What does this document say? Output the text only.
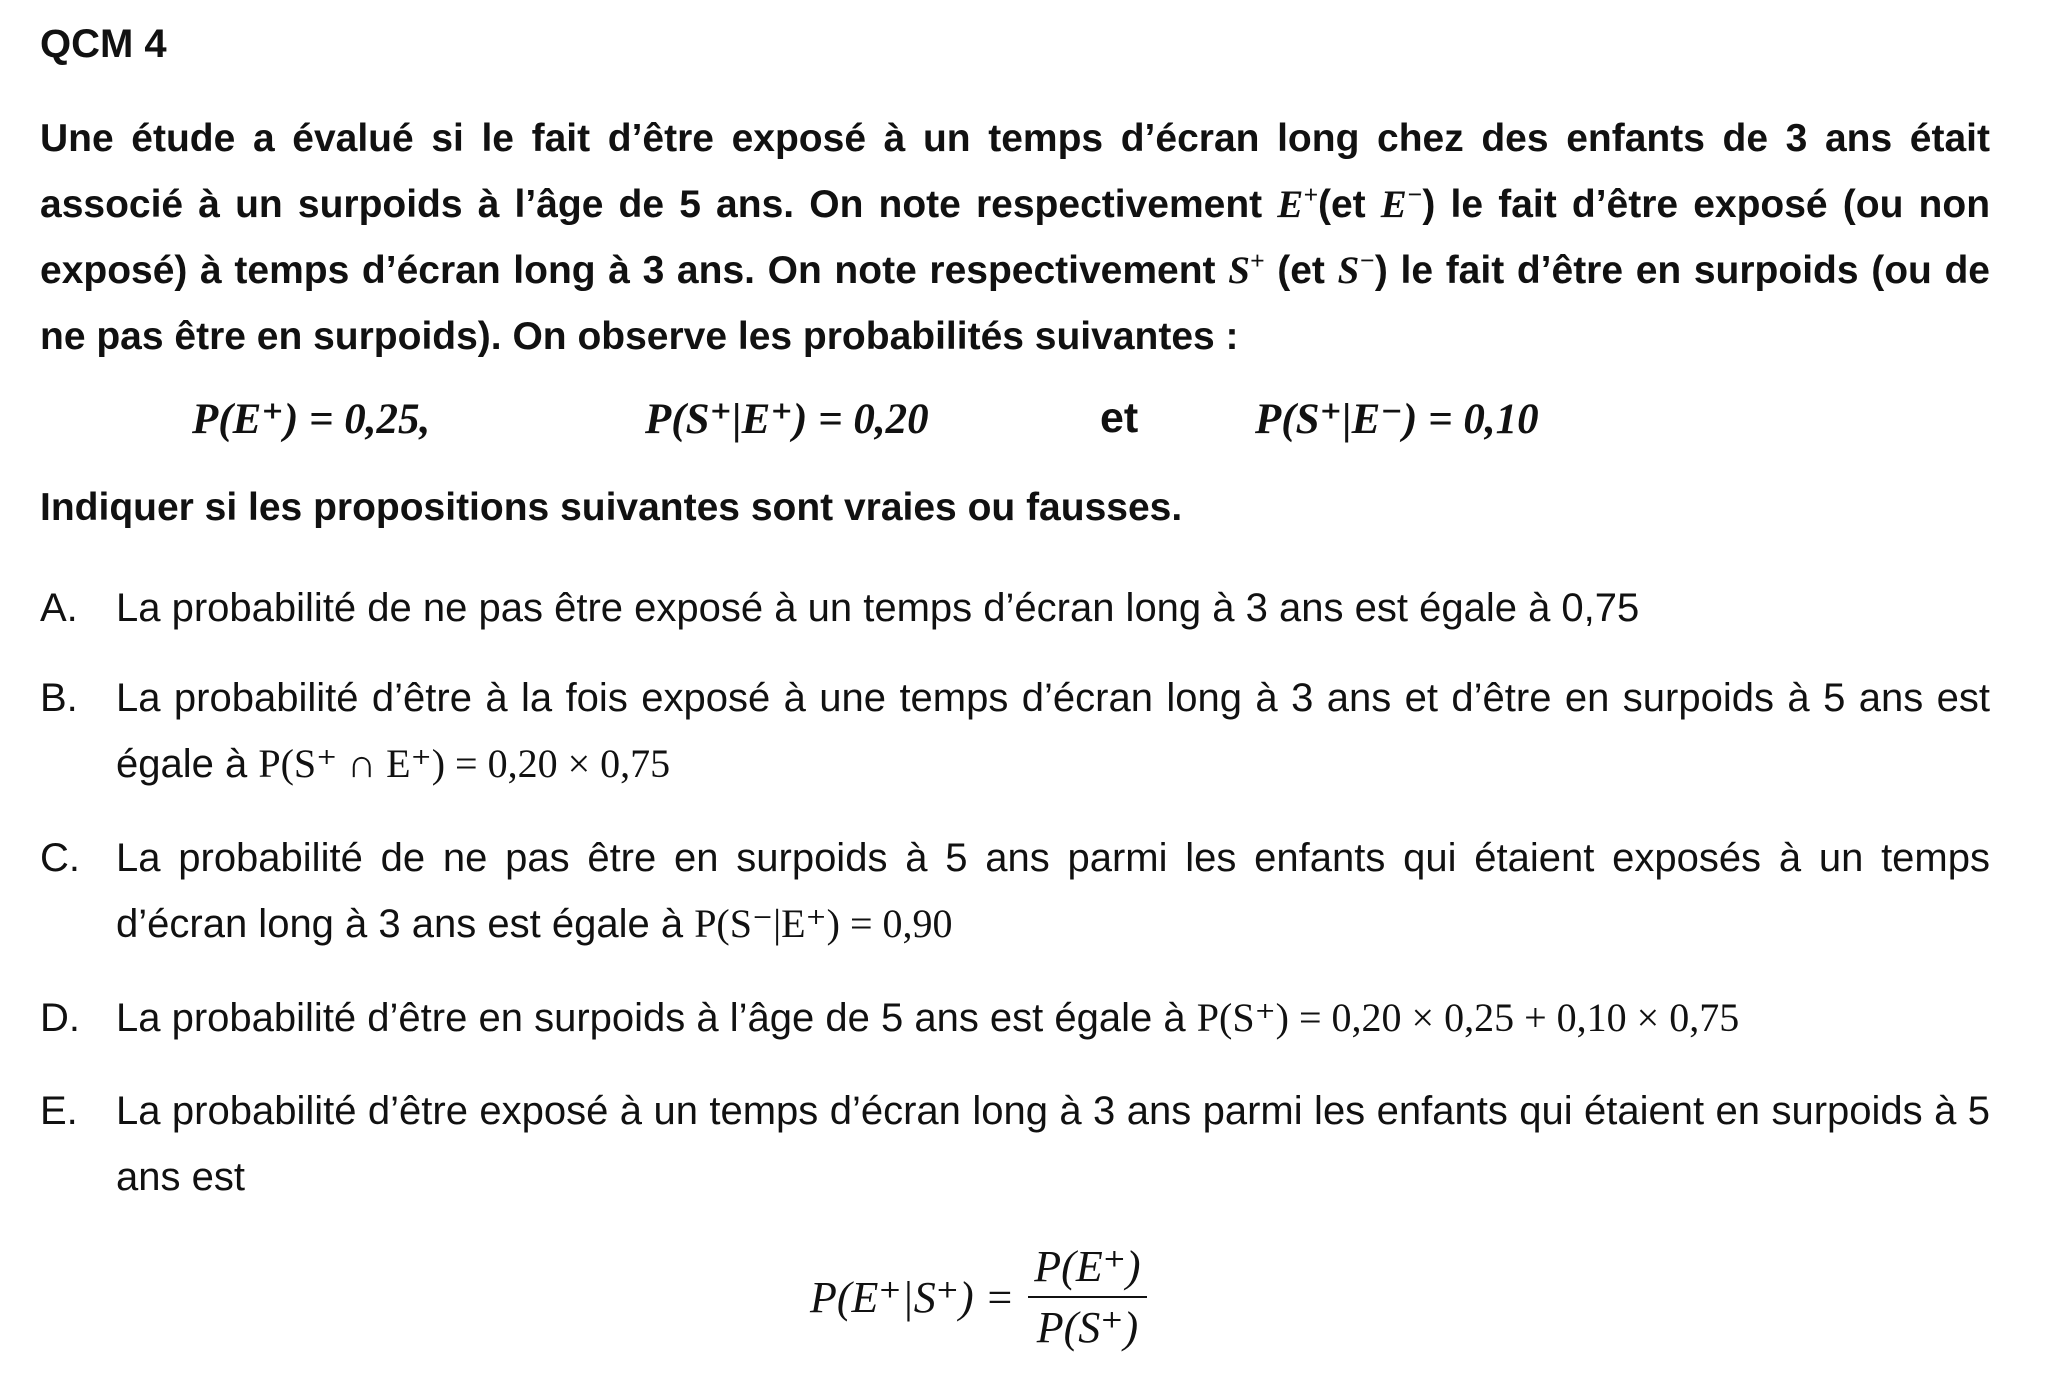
QCM 4
Une étude a évalué si le fait d’être exposé à un temps d’écran long chez des enfants de 3 ans était associé à un surpoids à l’âge de 5 ans. On note respectivement E+(et E−) le fait d’être exposé (ou non exposé) à temps d’écran long à 3 ans. On note respectivement S+ (et S−) le fait d’être en surpoids (ou de ne pas être en surpoids). On observe les probabilités suivantes :
P(E⁺) = 0,25,	P(S⁺|E⁺) = 0,20	et	P(S⁺|E⁻) = 0,10
Indiquer si les propositions suivantes sont vraies ou fausses.
A. La probabilité de ne pas être exposé à un temps d’écran long à 3 ans est égale à 0,75
B. La probabilité d’être à la fois exposé à une temps d’écran long à 3 ans et d’être en surpoids à 5 ans est égale à P(S⁺ ∩ E⁺) = 0,20 × 0,75
C. La probabilité de ne pas être en surpoids à 5 ans parmi les enfants qui étaient exposés à un temps d’écran long à 3 ans est égale à P(S⁻|E⁺) = 0,90
D. La probabilité d’être en surpoids à l’âge de 5 ans est égale à P(S⁺) = 0,20 × 0,25 + 0,10 × 0,75
E. La probabilité d’être exposé à un temps d’écran long à 3 ans parmi les enfants qui étaient en surpoids à 5 ans est
$P(E^+|S^+) = \frac{P(E^+)}{P(S^+)}$
